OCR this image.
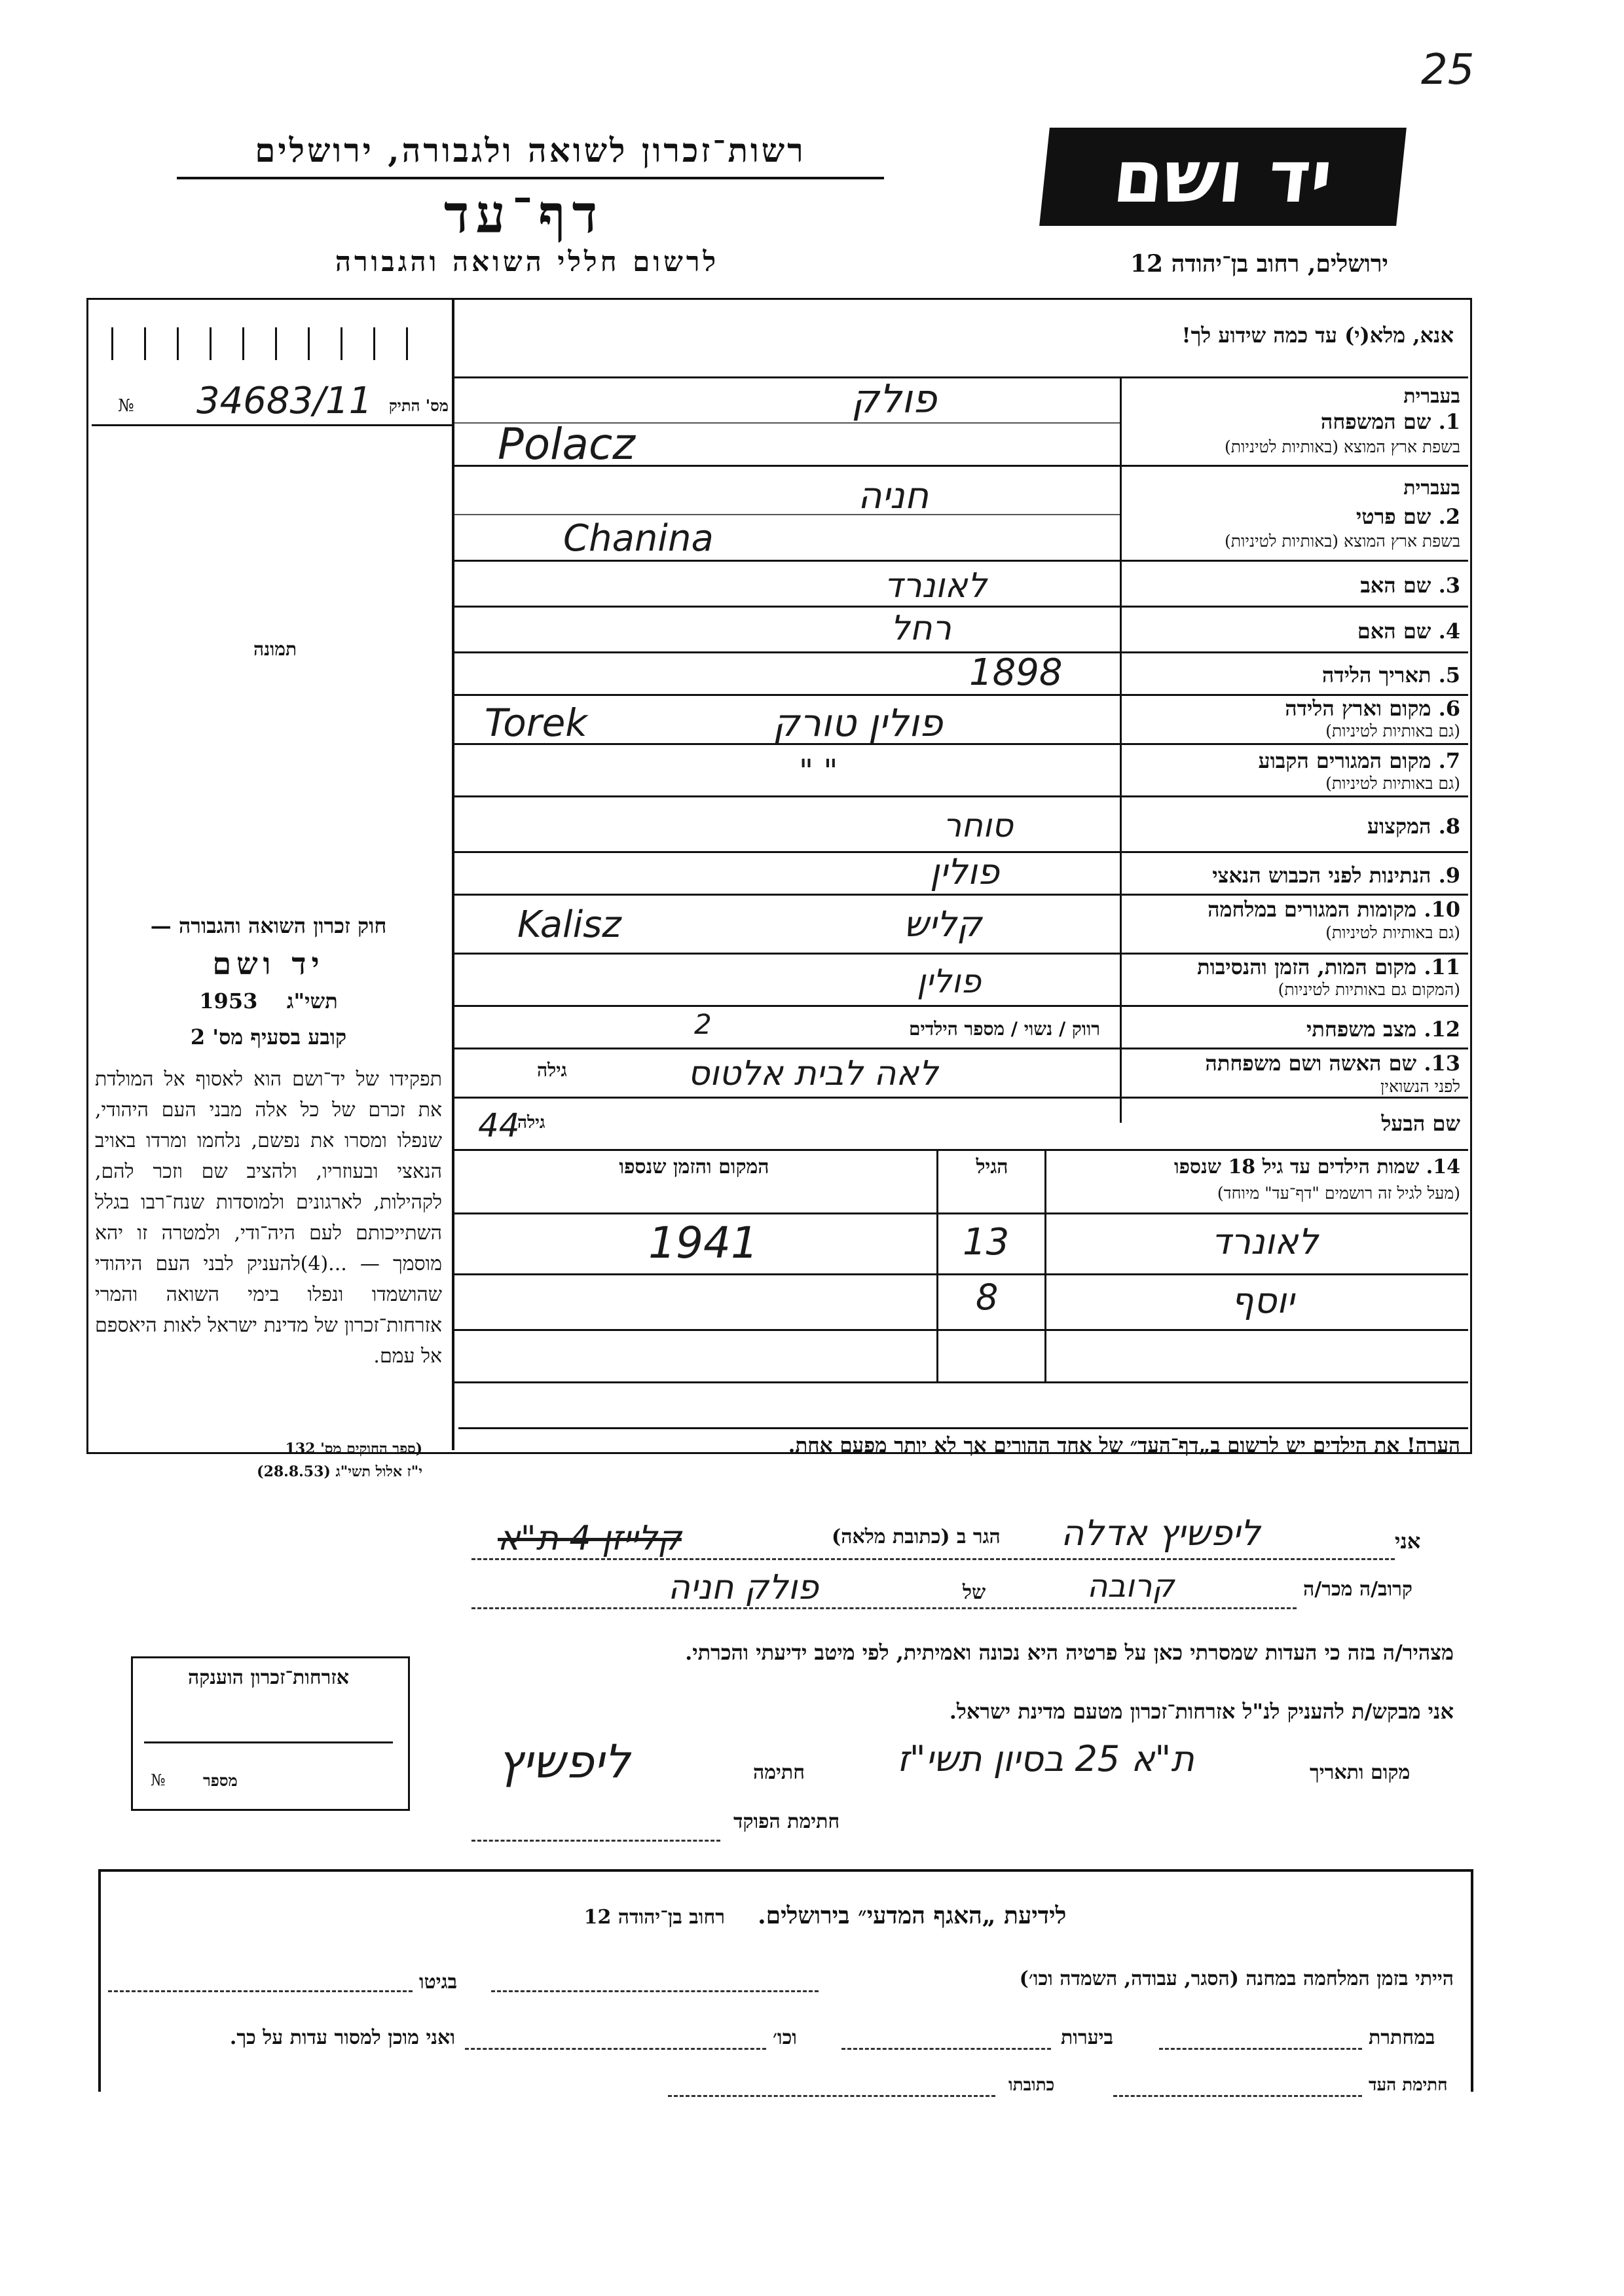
25
יד ושם
רשות־זכרון לשואה ולגבורה, ירושלים
דף־עד
לרשום חללי השואה והגבורה	ירושלים, רחוב בן־יהודה 12
אנא, מלא(י) עד כמה שידוע לך!
מס' התיק
34683/11
№
תמונה
בעברית
1. שם המשפחה
בשפת ארץ המוצא (באותיות לטיניות)
פולק
Polacz
בעברית
2. שם פרטי
בשפת ארץ המוצא (באותיות לטיניות)
חניה
Chanina
3. שם האב
לאונרד
4. שם האם
רחל
5. תאריך הלידה
1898
6. מקום וארץ הלידה
(גם באותיות לטיניות)
פולין טורק
Torek
7. מקום המגורים הקבוע
(גם באותיות לטיניות)
" "
8. המקצוע
סוחר
9. הנתינות לפני הכבוש הנאצי
פולין
10. מקומות המגורים במלחמה
(גם באותיות לטיניות)
קליש
Kalisz
11. מקום המות, הזמן והנסיבות
(המקום גם באותיות לטיניות)
פולין
12. מצב משפחתי
רווק / נשוי / מספר הילדים
2
13. שם האשה ושם משפחתה
לפני הנשואין
גילה	לאה לבית אלטוס
שם הבעל
גילה
44
14. שמות הילדים עד גיל 18 שנספו
(מעל לגיל זה רושמים "דף־עד" מיוחד)
הגיל
המקום והזמן שנספו
לאונרד
13
1941
יוסף
8
הערה! את הילדים יש לרשום ב„דף־העד״ של אחד ההורים אך לא יותר מפעם אחת.
חוק זכרון השואה והגבורה —
יד ושם
1953 תשי"ג
קובע בסעיף מס' 2
תפקידו של יד־ושם הוא לאסוף אל המולדת את זכרם של כל אלה מבני העם היהודי, שנפלו ומסרו את נפשם, נלחמו ומרדו באויב הנאצי ובעוזריו, ולהציב שם וזכר להם, לקהילות, לארגונים ולמוסדות שנח־רבו בגלל השתייכותם לעם היה־ודי, ולמטרה זו יהא מוסמך — ...(4)להעניק לבני העם היהודי שהושמדו ונפלו בימי השואה והמרי אזרחות־זכרון של מדינת ישראל לאות היאספם אל עמם.
(ספר החוקים מס' 132
י"ז אלול תשי"ג (28.8.53)
אזרחות־זכרון הוענקה
מספר
№
אני
ליפשיץ אדלה
הגר ב (כתובת מלאה)
קלייזן 4 ת"א
קרוב/ה מכר/ה
קרובה
של
פולק חניה
מצהיר/ה בזה כי העדות שמסרתי כאן על פרטיה היא נכונה ואמיתית, לפי מיטב ידיעתי והכרתי.
אני מבקש/ת להעניק לנ"ל אזרחות־זכרון מטעם מדינת ישראל.
מקום ותאריך
ת"א 25 בסיון תשי"ז
חתימה
ליפשיץ
חתימת הפוקד
לידיעת „האגף המדעי״ בירושלים.    רחוב בן־יהודה 12
הייתי בזמן המלחמה במחנה (הסגר, עבודה, השמדה וכו׳)
בגיטו
במחתרת
ביערות
וכו׳
ואני מוכן למסור עדות על כך.
חתימת העד
כתובתו
